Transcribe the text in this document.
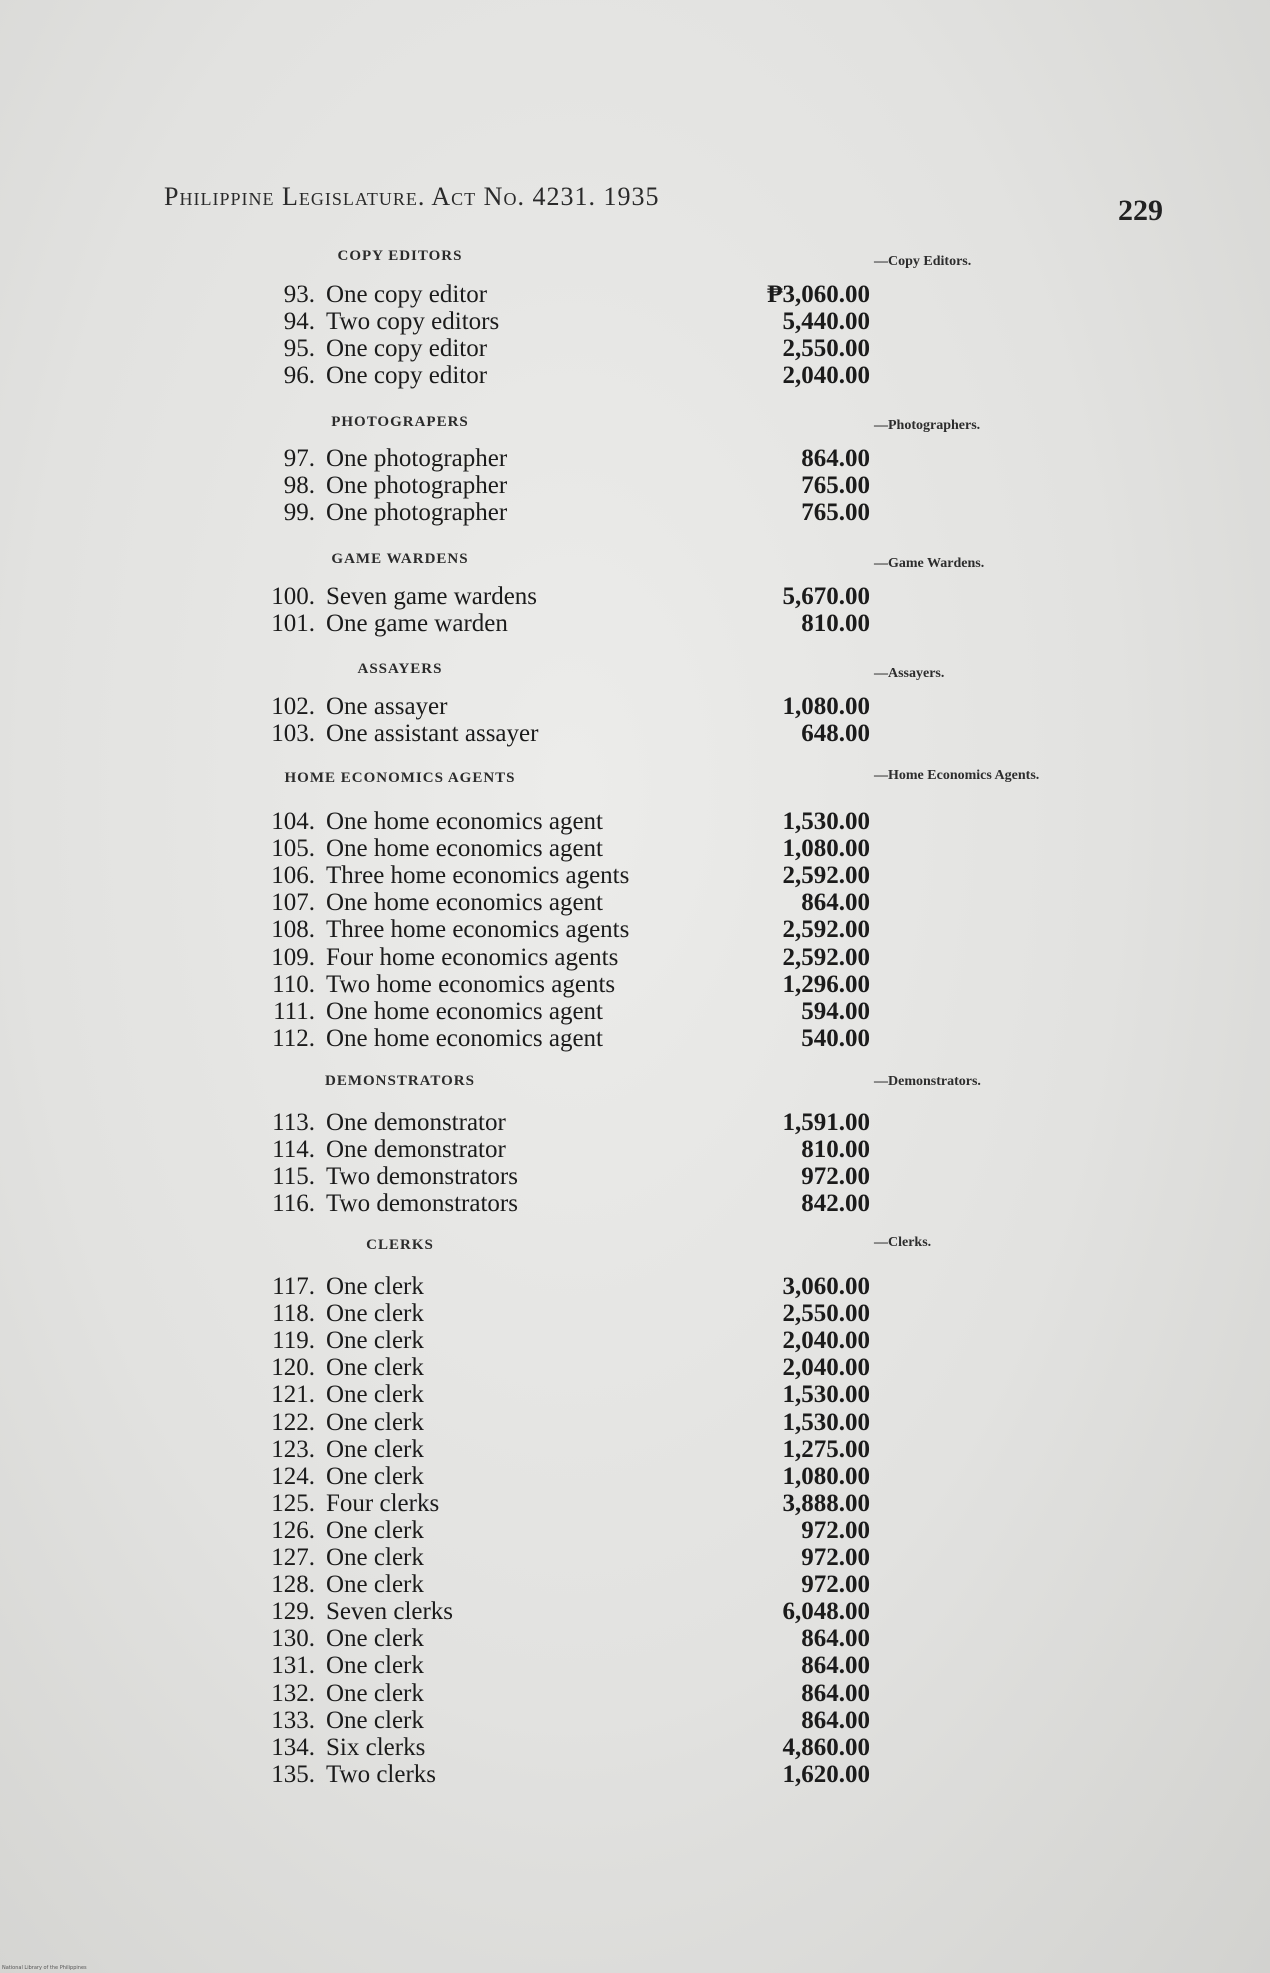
Philippine Legislature. Act No. 4231. 1935	229
COPY EDITORS	—Copy Editors.
93. One copy editor	₱3,060.00
94. Two copy editors	5,440.00
95. One copy editor	2,550.00
96. One copy editor	2,040.00
PHOTOGRAPERS	—Photographers.
97. One photographer	864.00
98. One photographer	765.00
99. One photographer	765.00
GAME WARDENS	—Game Wardens.
100. Seven game wardens	5,670.00
101. One game warden	810.00
ASSAYERS	—Assayers.
102. One assayer	1,080.00
103. One assistant assayer	648.00
HOME ECONOMICS AGENTS	—Home Economics Agents.
104. One home economics agent	1,530.00
105. One home economics agent	1,080.00
106. Three home economics agents	2,592.00
107. One home economics agent	864.00
108. Three home economics agents	2,592.00
109. Four home economics agents	2,592.00
110. Two home economics agents	1,296.00
111. One home economics agent	594.00
112. One home economics agent	540.00
DEMONSTRATORS	—Demonstrators.
113. One demonstrator	1,591.00
114. One demonstrator	810.00
115. Two demonstrators	972.00
116. Two demonstrators	842.00
CLERKS	—Clerks.
117. One clerk	3,060.00
118. One clerk	2,550.00
119. One clerk	2,040.00
120. One clerk	2,040.00
121. One clerk	1,530.00
122. One clerk	1,530.00
123. One clerk	1,275.00
124. One clerk	1,080.00
125. Four clerks	3,888.00
126. One clerk	972.00
127. One clerk	972.00
128. One clerk	972.00
129. Seven clerks	6,048.00
130. One clerk	864.00
131. One clerk	864.00
132. One clerk	864.00
133. One clerk	864.00
134. Six clerks	4,860.00
135. Two clerks	1,620.00
National Library of the Philippines
